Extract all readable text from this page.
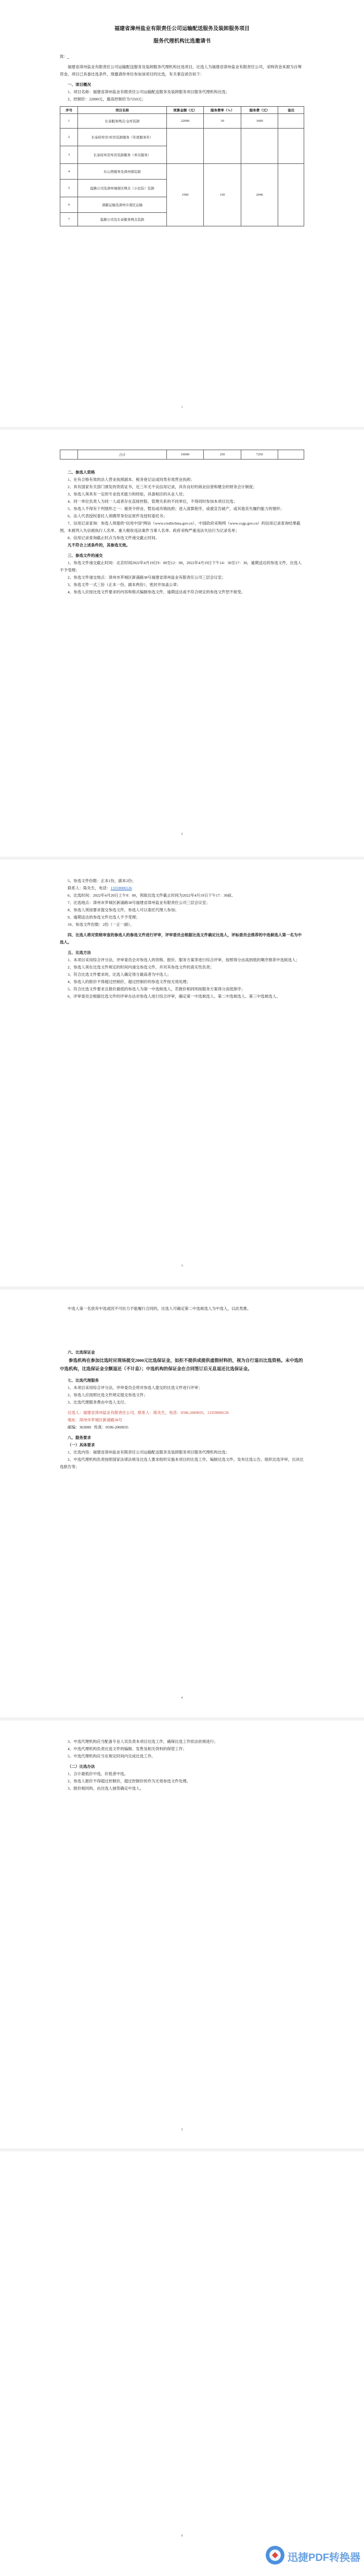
福建省漳州盐业有限责任公司运输配送服务及装卸服务项目

服务代理机构比选邀请书

致：

福建省漳州盐业有限责任公司运输配送服务及装卸服务代理机构比选项目，比选人为福建省漳州盐业有限责任公司，采购资金来源为自筹资金，项目已具备比选条件，现邀请你单位参加该项目的比选，有关事宜函告如下：

一、项目概况

1、项目名称：福建省漳州盐业有限责任公司运输配送服务及装卸服务项目服务代理机构比选；

2、控制价：22000元，最高控制价为7250元；

序号	项目名称	预算金额（元）	服务费率（%）	服务费（元）	备注
1	长泰服务网点/仓库装卸	22000	30	1600	
2	长泰府库房/库房装卸服务（年度服务年）				
3	长泰府库房库房装卸服务（单次服务）				
4	东山西服务及漳州南装卸	1500	150	2040	
5	盐路公司及漳州城南区网点（小包装）装卸				
6	漳路运输及漳州市南区运输				
7	盐路公司及长泰服务网点装卸				
1
	合计	10000	250	7250	

二、参选人资格

1、在有合格有效的法人营业执照副本、税务登记证或同类有效营业执照；

2、具有国家有关部门颁发的资质证书，近三年无不良信用记录，具有良好的商业信誉和健全的财务会计制度；

3、参选人须具有一定的专业技术能力和经验，具备相应的从业人员；

4、同一单位负责人为同一人或者存在直接控股、管理关系的不同单位，不得同时参加本项目比选；

5、参选人不得有下列情形之一：被责令停业、暂扣或吊销执照；进入清算程序，或被宣告破产，或其他丧失履约能力的情形；

6、法人代表授权委托人须携带身份证原件及授权委托书；

7、信用记录查询：参选人须提供“信用中国”网站（www.creditchina.gov.cn）、中国政府采购网（www.ccgp.gov.cn）的信用记录查询结果截图，未被列入失信被执行人名单、重大税收违法案件当事人名单、政府采购严重违法失信行为记录名单；

8、信用记录查询截止时点为参选文件递交截止时间。

凡不符合上述条件的，其参选无效。

三、参选文件的递交

1、参选文件递交截止时间：北京时间2022年4月19日9：00至12：00，2022年4月19日下午14：30至17：30，逾期送达的参选文件，比选人不予受理；

2、参选文件递交地点：漳州市芗城区新浦路38号福建省漳州盐业有限责任公司三层会议室；

3、参选文件一式三份（正本一份，副本两份），密封并加盖公章；

4、参选人应按比选文件要求的内容和格式编制参选文件，逾期送达或不符合规定的参选文件恕不接受。

2

5、参选文件份数：正本1份，副本2份；

联系人：陈先生，电话：13359000126

6、比选时间：2022年4月20日上午9：00，领取比选文件截止时间为2022年4月19日下午17：30前。

7、比选地点：漳州市芗城区新浦路38号福建省漳州盐业有限责任公司三层会议室；

8、参选人须按要求提交参选文件，参选人可以委托代理人参加；

9、逾期送达的参选文件比选人不予受理；

10、参选文件份数：2份（一正一副）。

四、比选人将对资格审查的参选人的参选文件进行评审，评审委员会根据比选文件确定比选人，评标委员会推荐的中选候选人第一名为中选人。

五、比选方法

1、本项目采用综合评分法，评审委员会对参选人的资格、报价、服务方案等进行综合评审，按照得分由高到低的顺序推荐中选候选人；

2、参选人须在比选文件规定的时间内递交参选文件，并对其参选文件的真实性负责；

3、符合比选文件要求的，比选人确定得分最高者为中选人；

4、参选人的报价不得超过控制价，超过控制价的参选文件按无效处理；

5、符合比选文件要求且报价最低的参选人为第一中选候选人，若报价相同则按服务方案得分高低排序；

6、评审委员会根据比选文件的评审办法对参选人进行综合评审，确定第一中选候选人、第二中选候选人、第三中选候选人。

3

中选人第一名放弃中选或因不可抗力不能履行合同的，比选人可确定第二中选候选人为中选人，以此类推。

六、比选保证金

参选机构在参加比选时应现场提交2000元比选保证金，如拒不提供或提供虚假材料的，视为自行退出比选资格。未中选的中选机构，比选保证金全额退还（不计息）；中选机构的保证金在合同签订后无息退还比选保证金。

七、比选代理服务

1、本项目采用综合评分法，评审委员会将对参选人提交的比选文件进行评审；

2、参选人应按照比选文件规定提交参选文件；

3、比选代理服务费由中选人支付。

比选人：福建省漳州盐业有限责任公司，联系人：陈先生，电话：0596-2069035，13359000126

地址：漳州市芗城区新浦路38号

邮编：363000 传真：0596-2069035

八、服务要求

（一）具体要求

1、比选内容：福建省漳州盐业有限责任公司运输配送服务及装卸服务项目服务代理机构比选；

2、中选代理机构负责按照国家法律法规及比选人要求组织实施本项目的比选工作，编制比选文件，发布比选公告，组织比选评审，出具比选报告等；

4

3、中选代理机构应当配备专业人员负责本项目比选工作，确保比选工作依法依规进行；

4、中选代理机构负责比选文件的编制、发售及相关资料的保管工作；

5、中选代理机构应当在规定时间内完成比选工作。

（二）比选办法

1、合计最低价中选，价低者中选。

2、参选人报价不得超过控制价，超过控制价的作为无效参选文件处理。

3、报价相同的，由比选人抽签确定中选人。

5
6
迅捷PDF转换器
